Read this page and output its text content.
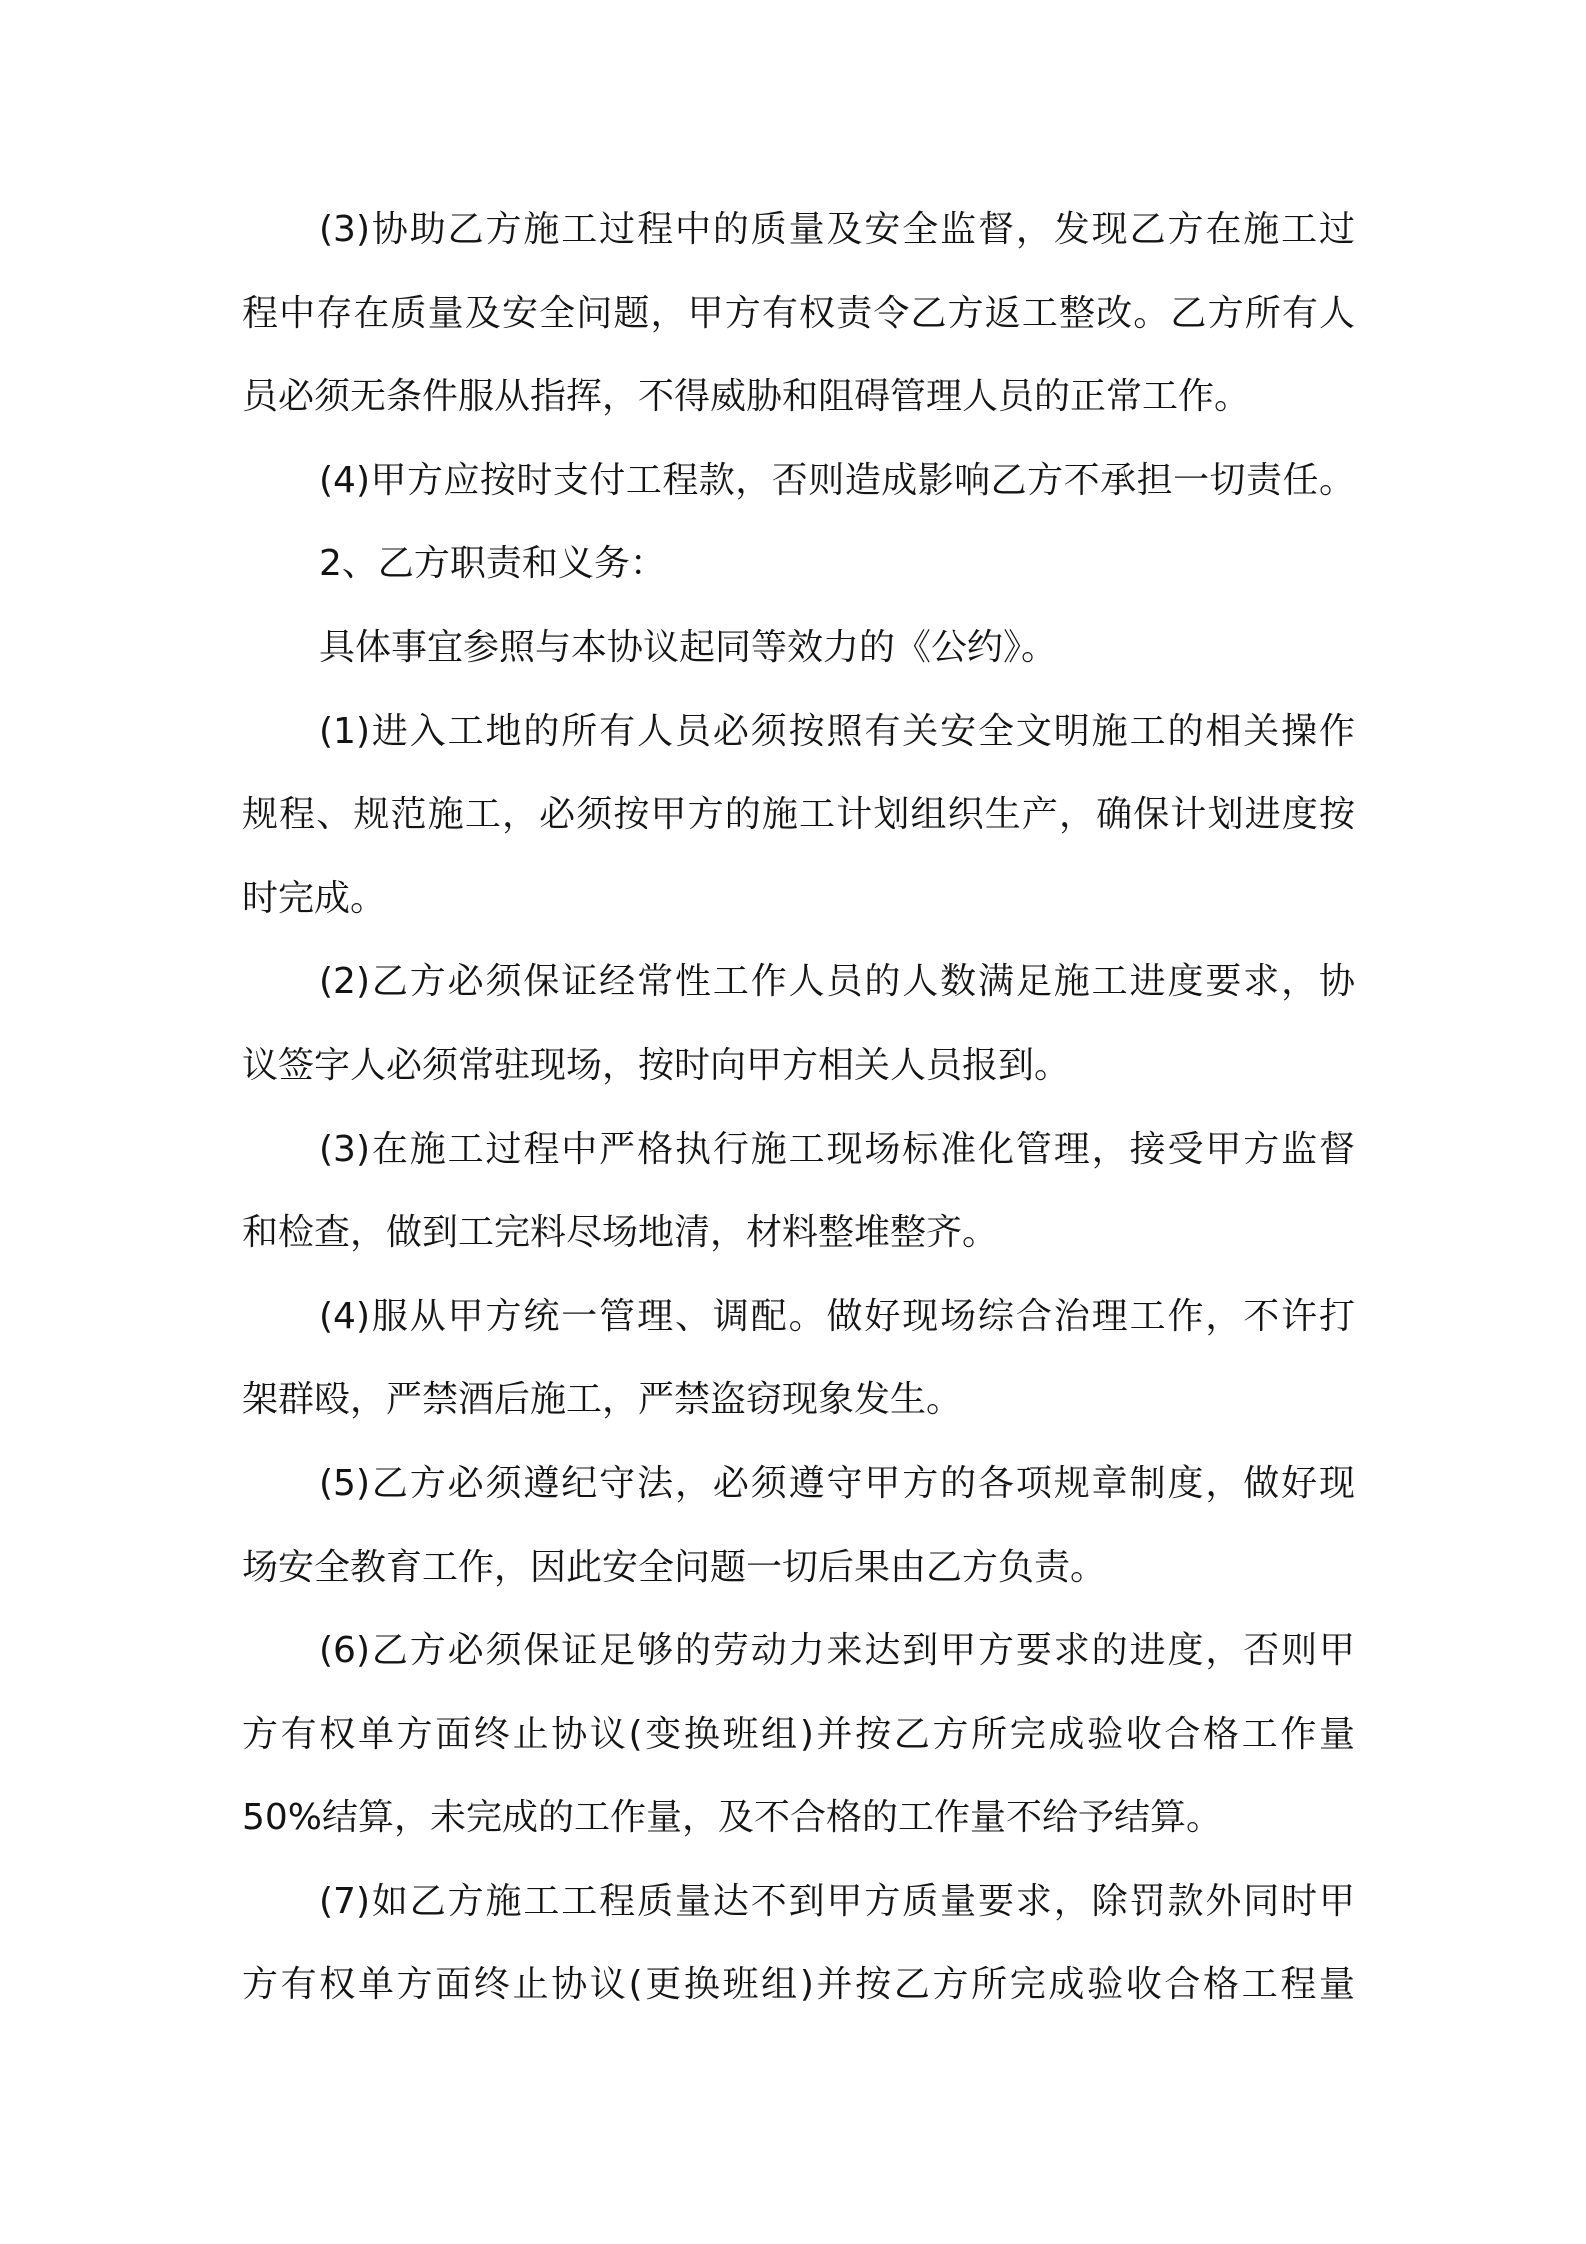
(3)协助乙方施工过程中的质量及安全监督，发现乙方在施工过
程中存在质量及安全问题，甲方有权责令乙方返工整改。乙方所有人
员必须无条件服从指挥，不得威胁和阻碍管理人员的正常工作。
(4)甲方应按时支付工程款，否则造成影响乙方不承担一切责任。
2、乙方职责和义务：
具体事宜参照与本协议起同等效力的《公约》。
(1)进入工地的所有人员必须按照有关安全文明施工的相关操作
规程、规范施工，必须按甲方的施工计划组织生产，确保计划进度按
时完成。
(2)乙方必须保证经常性工作人员的人数满足施工进度要求，协
议签字人必须常驻现场，按时向甲方相关人员报到。
(3)在施工过程中严格执行施工现场标准化管理，接受甲方监督
和检查，做到工完料尽场地清，材料整堆整齐。
(4)服从甲方统一管理、调配。做好现场综合治理工作，不许打
架群殴，严禁酒后施工，严禁盗窃现象发生。
(5)乙方必须遵纪守法，必须遵守甲方的各项规章制度，做好现
场安全教育工作，因此安全问题一切后果由乙方负责。
(6)乙方必须保证足够的劳动力来达到甲方要求的进度，否则甲
方有权单方面终止协议(变换班组)并按乙方所完成验收合格工作量
50%结算，未完成的工作量，及不合格的工作量不给予结算。
(7)如乙方施工工程质量达不到甲方质量要求，除罚款外同时甲
方有权单方面终止协议(更换班组)并按乙方所完成验收合格工程量
